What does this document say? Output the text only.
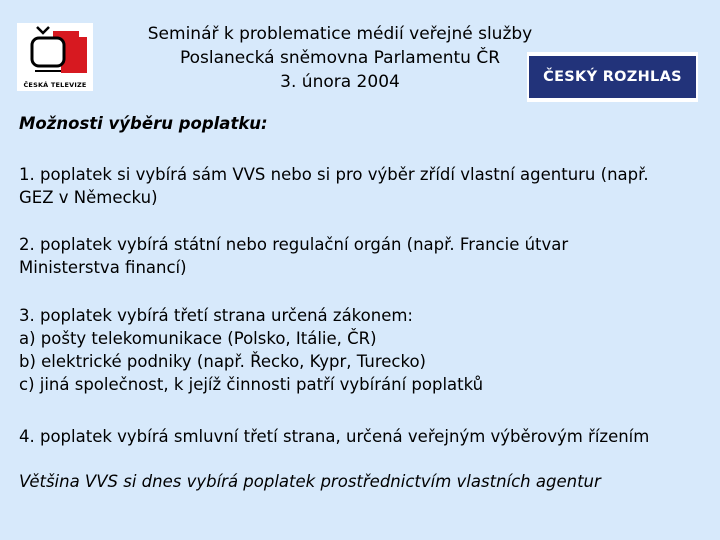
ČESKÁ TELEVIZE
Seminář k problematice médií veřejné služby
Poslanecká sněmovna Parlamentu ČR
3. února 2004	ČESKÝ ROZHLAS
Možnosti výběru poplatku:
1. poplatek si vybírá sám VVS nebo si pro výběr zřídí vlastní agenturu (např.
GEZ v Německu)
2. poplatek vybírá státní nebo regulační orgán (např. Francie útvar
Ministerstva financí)
3. poplatek vybírá třetí strana určená zákonem:
a) pošty telekomunikace (Polsko, Itálie, ČR)
b) elektrické podniky (např. Řecko, Kypr, Turecko)
c) jiná společnost, k jejíž činnosti patří vybírání poplatků
4. poplatek vybírá smluvní třetí strana, určená veřejným výběrovým řízením
Většina VVS si dnes vybírá poplatek prostřednictvím vlastních agentur
